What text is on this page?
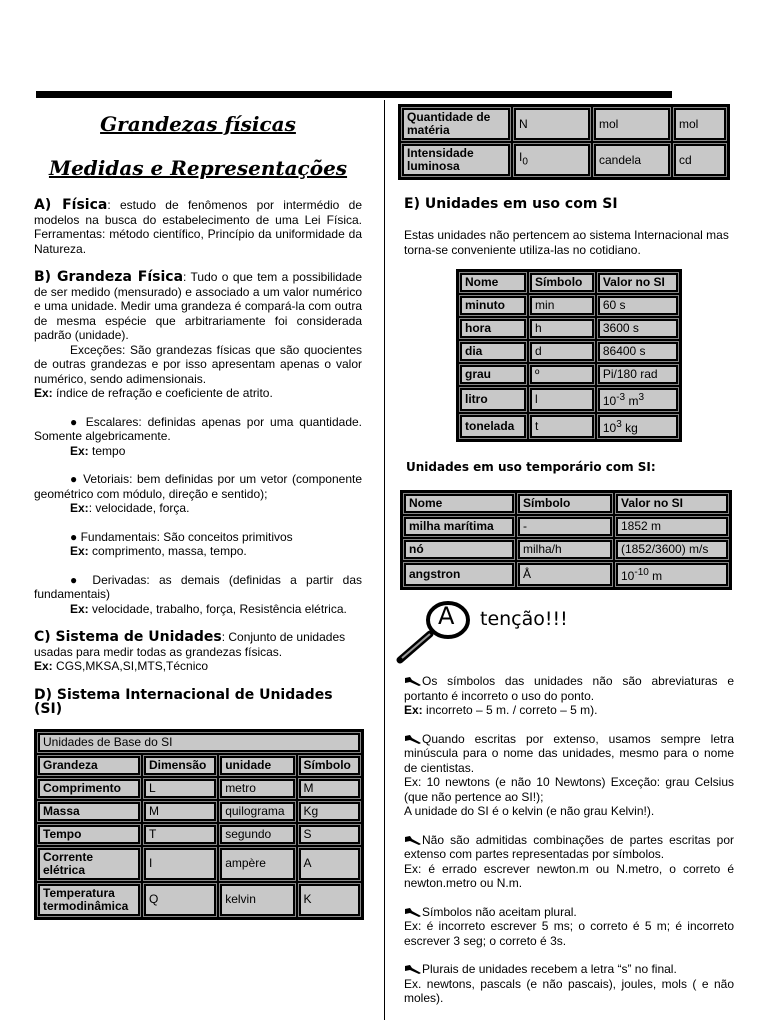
Grandezas físicas
Medidas e Representações

A) Física: estudo de fenômenos por intermédio de modelos na busca do estabelecimento de uma Lei Física. Ferramentas: método científico, Princípio da uniformidade da Natureza.

B) Grandeza Física: Tudo o que tem a possibilidade de ser medido (mensurado) e associado a um valor numérico e uma unidade. Medir uma grandeza é compará-la com outra de mesma espécie que arbitrariamente foi considerada padrão (unidade).

Exceções: São grandezas físicas que são quocientes de outras grandezas e por isso apresentam apenas o valor numérico, sendo adimensionais.

Ex: índice de refração e coeficiente de atrito.

● Escalares: definidas apenas por uma quantidade. Somente algebricamente.

Ex: tempo

● Vetoriais: bem definidas por um vetor (componente geométrico com módulo, direção e sentido);

Ex:: velocidade, força.

● Fundamentais: São conceitos primitivos

Ex: comprimento, massa, tempo.

● Derivadas: as demais (definidas a partir das fundamentais)

Ex: velocidade, trabalho, força, Resistência elétrica.

C) Sistema de Unidades: Conjunto de unidades usadas para medir todas as grandezas físicas.

Ex: CGS,MKSA,SI,MTS,Técnico

D) Sistema Internacional de Unidades (SI)

Unidades de Base do SI			
Grandeza	Dimensão	unidade	Símbolo
Comprimento	L	metro	M
Massa	M	quilograma	Kg
Tempo	T	segundo	S
Corrente elétrica	I	ampère	A
Temperatura termodinâmica	Q	kelvin	K
Quantidade de matéria	N	mol	mol
Intensidade luminosa	$I_0$	candela	cd
E) Unidades em uso com SI

Estas unidades não pertencem ao sistema Internacional mas torna-se conveniente utiliza-las no cotidiano.

Nome	Símbolo	Valor no SI
minuto	min	60 s
hora	h	3600 s
dia	d	86400 s
grau	º	Pi/180 rad
litro	l	$10^{-3}$ $m^3$
tonelada	t	$10^3$ kg
Unidades em uso temporário com SI:
Nome	Símbolo	Valor no SI
milha marítima	-	1852 m
nó	milha/h	(1852/3600) m/s
angstron	Å	$10^{-10}$ m
A tenção!!!

Os símbolos das unidades não são abreviaturas e portanto é incorreto o uso do ponto.

Ex: incorreto – 5 m. / correto – 5 m).

Quando escritas por extenso, usamos sempre letra minúscula para o nome das unidades, mesmo para o nome de cientistas.

Ex: 10 newtons (e não 10 Newtons) Exceção: grau Celsius (que não pertence ao SI!);

A unidade do SI é o kelvin (e não grau Kelvin!).

Não são admitidas combinações de partes escritas por extenso com partes representadas por símbolos.

Ex: é errado escrever newton.m ou N.metro, o correto é newton.metro ou N.m.

Símbolos não aceitam plural.

Ex: é incorreto escrever 5 ms; o correto é 5 m; é incorreto escrever 3 seg; o correto é 3s.

Plurais de unidades recebem a letra “s” no final.

Ex. newtons, pascals (e não pascais), joules, mols ( e não moles).
